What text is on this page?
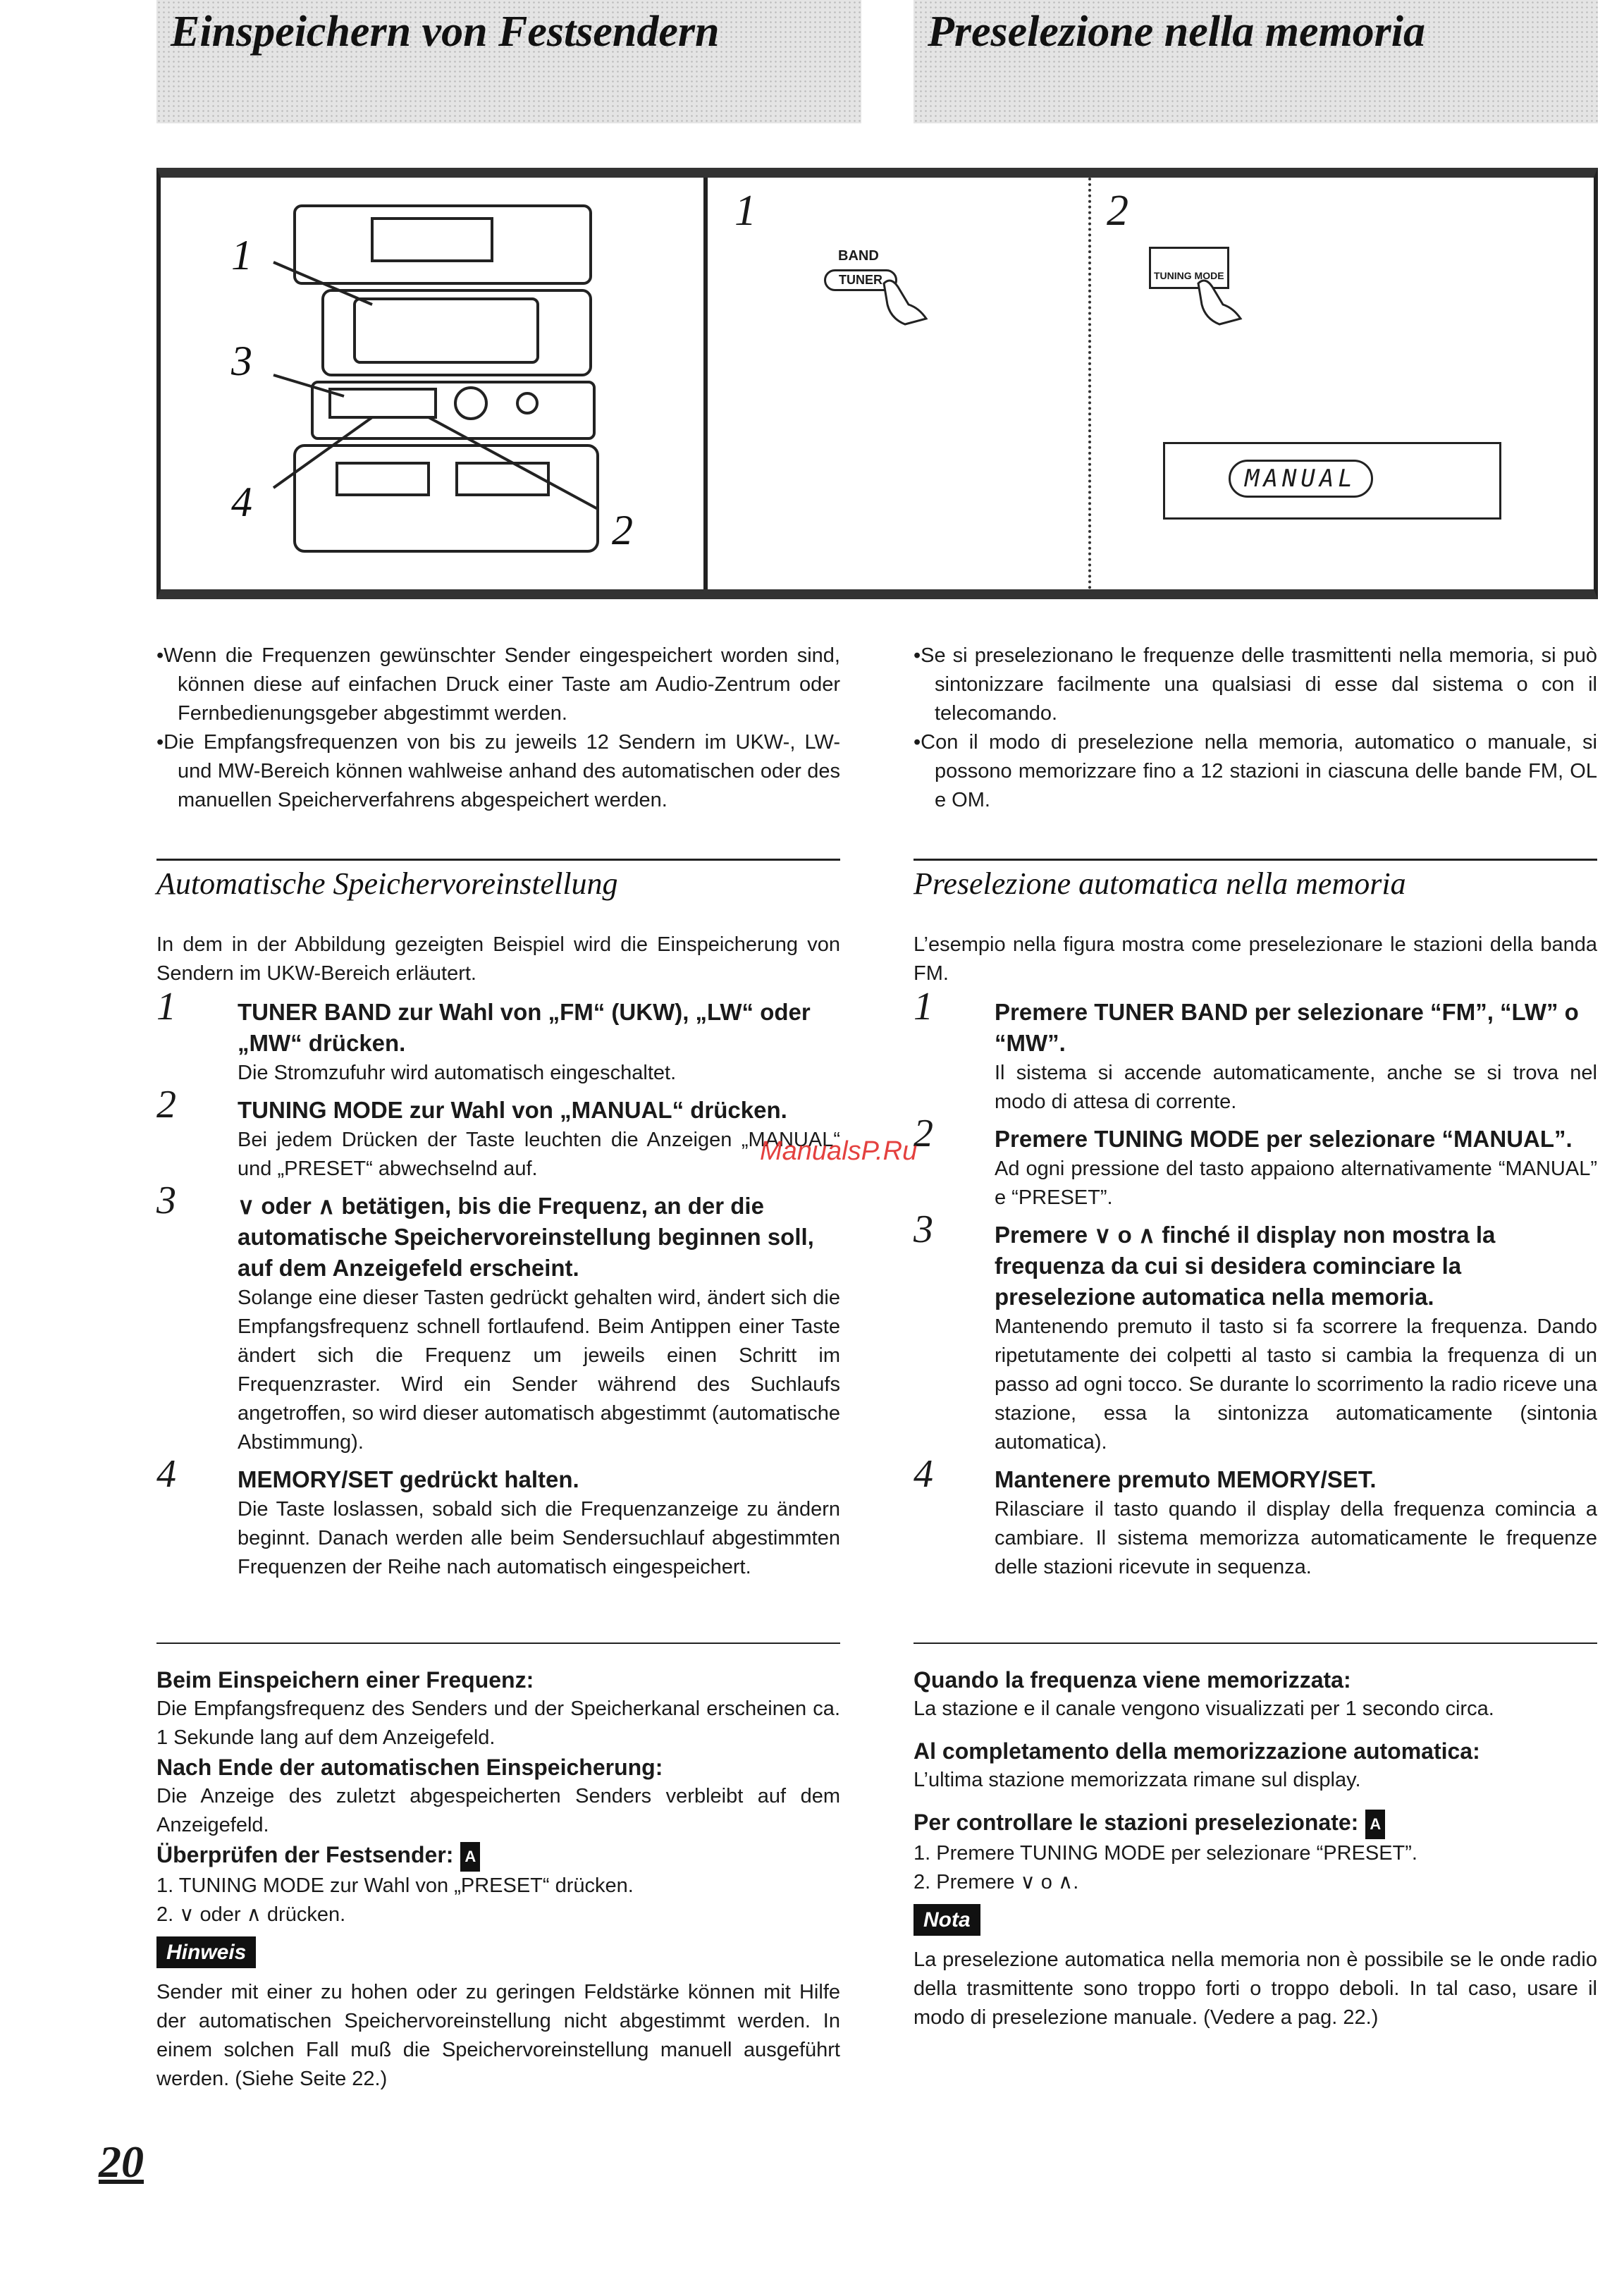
Einspeichern von Festsendern	Preselezione nella memoria
1
3
4
2
1
BAND
TUNER
2
TUNING MODE
MANUAL

•Wenn die Frequenzen gewünschter Sender eingespeichert worden sind, können diese auf einfachen Druck einer Taste am Audio-Zentrum oder Fernbedienungsgeber abgestimmt werden.

•Die Empfangsfrequenzen von bis zu jeweils 12 Sendern im UKW-, LW- und MW-Bereich können wahlweise anhand des automatischen oder des manuellen Speicherverfahrens abgespeichert werden.

•Se si preselezionano le frequenze delle trasmittenti nella memoria, si può sintonizzare facilmente una qualsiasi di esse dal sistema o con il telecomando.

•Con il modo di preselezione nella memoria, automatico o manuale, si possono memorizzare fino a 12 stazioni in ciascuna delle bande FM, OL e OM.

Automatische Speichervoreinstellung	Preselezione automatica nella memoria
In dem in der Abbildung gezeigten Beispiel wird die Einspeicherung von Sendern im UKW-Bereich erläutert.
1	TUNER BAND zur Wahl von „FM“ (UKW), „LW“ oder „MW“ drücken.
Die Stromzufuhr wird automatisch eingeschaltet.
2	TUNING MODE zur Wahl von „MANUAL“ drücken.
Bei jedem Drücken der Taste leuchten die Anzeigen „MANUAL“ und „PRESET“ abwechselnd auf.
3	∨ oder ∧ betätigen, bis die Frequenz, an der die automatische Speichervoreinstellung beginnen soll, auf dem Anzeigefeld erscheint.
Solange eine dieser Tasten gedrückt gehalten wird, ändert sich die Empfangsfrequenz schnell fortlaufend. Beim Antippen einer Taste ändert sich die Frequenz um jeweils einen Schritt im Frequenzraster. Wird ein Sender während des Suchlaufs angetroffen, so wird dieser automatisch abgestimmt (automatische Abstimmung).
4	MEMORY/SET gedrückt halten.
Die Taste loslassen, sobald sich die Frequenzanzeige zu ändern beginnt. Danach werden alle beim Sendersuchlauf abgestimmten Frequenzen der Reihe nach automatisch eingespeichert.
L’esempio nella figura mostra come preselezionare le stazioni della banda FM.
1	Premere TUNER BAND per selezionare “FM”, “LW” o “MW”.
Il sistema si accende automaticamente, anche se si trova nel modo di attesa di corrente.
2	Premere TUNING MODE per selezionare “MANUAL”.
Ad ogni pressione del tasto appaiono alternativamente “MANUAL” e “PRESET”.
3	Premere ∨ o ∧ finché il display non mostra la frequenza da cui si desidera cominciare la preselezione automatica nella memoria.
Mantenendo premuto il tasto si fa scorrere la frequenza. Dando ripetutamente dei colpetti al tasto si cambia la frequenza di un passo ad ogni tocco. Se durante lo scorrimento la radio riceve una stazione, essa la sintonizza automaticamente (sintonia automatica).
4	Mantenere premuto MEMORY/SET.
Rilasciare il tasto quando il display della frequenza comincia a cambiare. Il sistema memorizza automaticamente le frequenze delle stazioni ricevute in sequenza.
Beim Einspeichern einer Frequenz:
Die Empfangsfrequenz des Senders und der Speicherkanal erscheinen ca. 1 Sekunde lang auf dem Anzeigefeld.
Nach Ende der automatischen Einspeicherung:
Die Anzeige des zuletzt abgespeicherten Senders verbleibt auf dem Anzeigefeld.
Überprüfen der Festsender: A
1. TUNING MODE zur Wahl von „PRESET“ drücken.
2. ∨ oder ∧ drücken.
Hinweis
Sender mit einer zu hohen oder zu geringen Feldstärke können mit Hilfe der automatischen Speichervoreinstellung nicht abgestimmt werden. In einem solchen Fall muß die Speichervoreinstellung manuell ausgeführt werden. (Siehe Seite 22.)
Quando la frequenza viene memorizzata:
La stazione e il canale vengono visualizzati per 1 secondo circa.
Al completamento della memorizzazione automatica:
L’ultima stazione memorizzata rimane sul display.
Per controllare le stazioni preselezionate: A
1. Premere TUNING MODE per selezionare “PRESET”.
2. Premere ∨ o ∧.
Nota
La preselezione automatica nella memoria non è possibile se le onde radio della trasmittente sono troppo forti o troppo deboli. In tal caso, usare il modo di preselezione manuale. (Vedere a pag. 22.)
ManualsP.Ru
20
